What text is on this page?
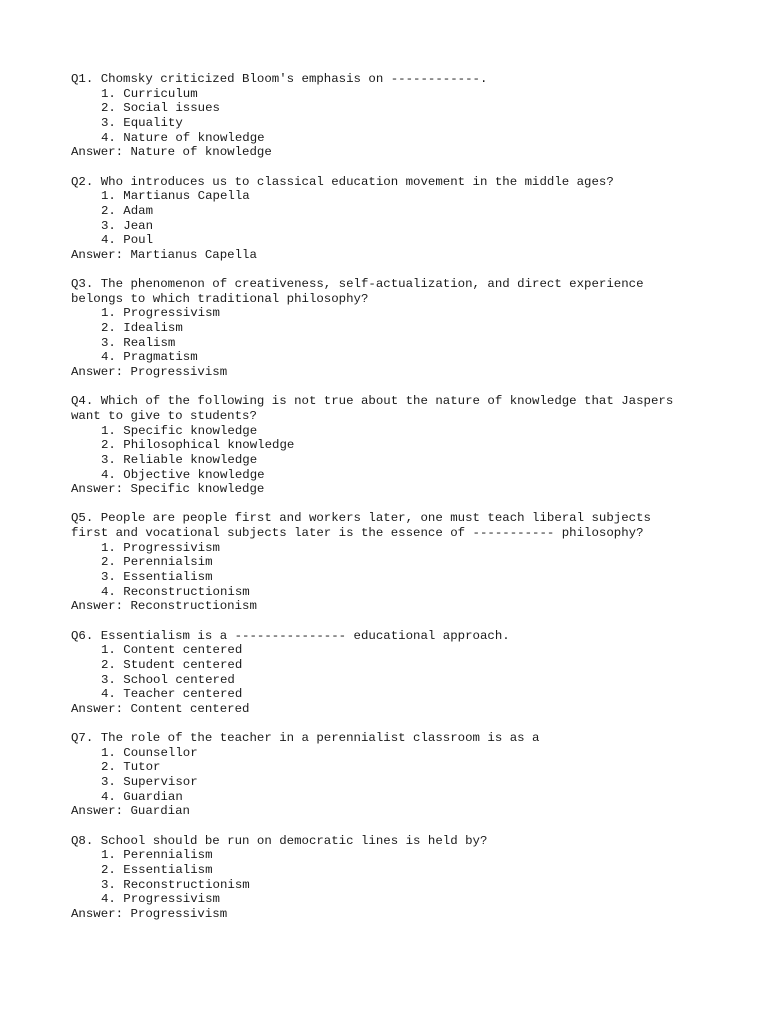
Q1. Chomsky criticized Bloom's emphasis on ------------.

1. Curriculum
2. Social issues
3. Equality
4. Nature of knowledge

Answer: Nature of knowledge

Q2. Who introduces us to classical education movement in the middle ages?

1. Martianus Capella
2. Adam
3. Jean
4. Poul

Answer: Martianus Capella

Q3. The phenomenon of creativeness, self-actualization, and direct experience
belongs to which traditional philosophy?

1. Progressivism
2. Idealism
3. Realism
4. Pragmatism

Answer: Progressivism

Q4. Which of the following is not true about the nature of knowledge that Jaspers
want to give to students?

1. Specific knowledge
2. Philosophical knowledge
3. Reliable knowledge
4. Objective knowledge

Answer: Specific knowledge

Q5. People are people first and workers later, one must teach liberal subjects
first and vocational subjects later is the essence of ----------- philosophy?

1. Progressivism
2. Perennialsim
3. Essentialism
4. Reconstructionism

Answer: Reconstructionism

Q6. Essentialism is a --------------- educational approach.

1. Content centered
2. Student centered
3. School centered
4. Teacher centered

Answer: Content centered

Q7. The role of the teacher in a perennialist classroom is as a

1. Counsellor
2. Tutor
3. Supervisor
4. Guardian

Answer: Guardian

Q8. School should be run on democratic lines is held by?

1. Perennialism
2. Essentialism
3. Reconstructionism
4. Progressivism

Answer: Progressivism
